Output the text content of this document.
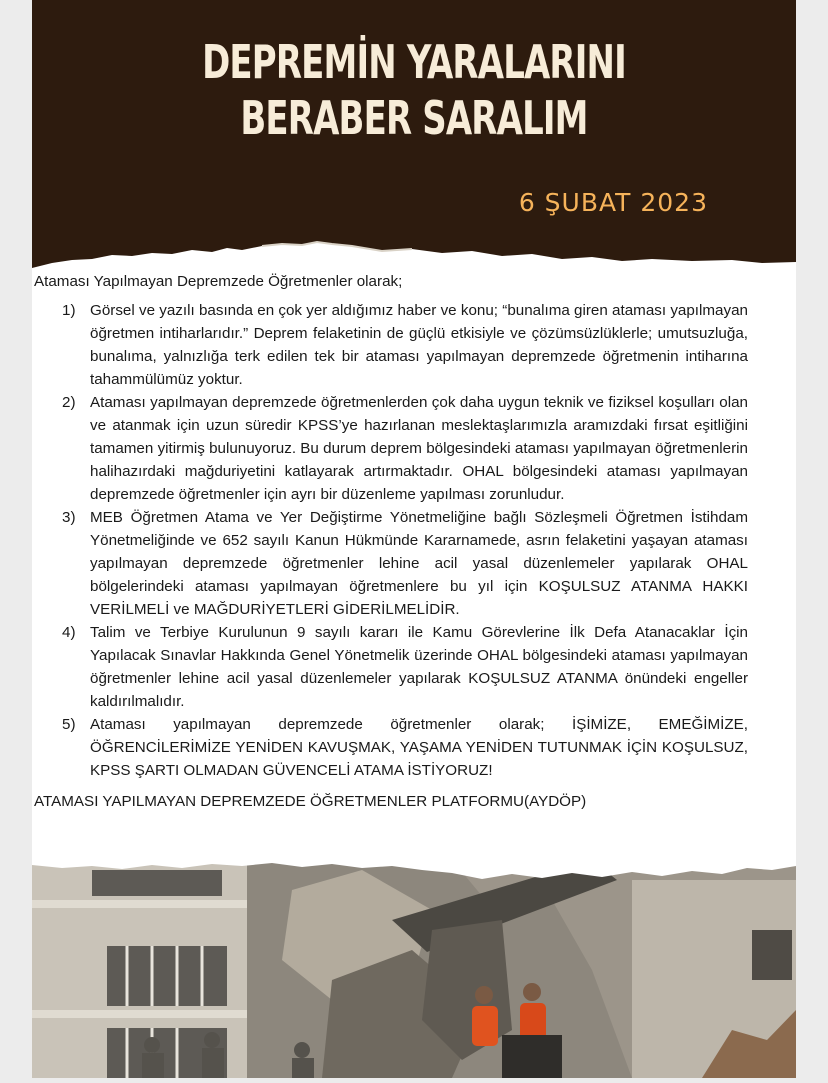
DEPREMİN YARALARINI
BERABER SARALIM
6 ŞUBAT 2023
Ataması Yapılmayan Depremzede Öğretmenler olarak;
1) Görsel ve yazılı basında en çok yer aldığımız haber ve konu; “bunalıma giren ataması yapılmayan öğretmen intiharlarıdır.” Deprem felaketinin de güçlü etkisiyle ve çözümsüzlüklerle; umutsuzluğa, bunalıma, yalnızlığa terk edilen tek bir ataması yapılmayan depremzede öğretmenin intiharına tahammülümüz yoktur.
2) Ataması yapılmayan depremzede öğretmenlerden çok daha uygun teknik ve fiziksel koşulları olan ve atanmak için uzun süredir KPSS’ye hazırlanan meslektaşlarımızla aramızdaki fırsat eşitliğini tamamen yitirmiş bulunuyoruz. Bu durum deprem bölgesindeki ataması yapılmayan öğretmenlerin halihazırdaki mağduriyetini katlayarak artırmaktadır. OHAL bölgesindeki ataması yapılmayan depremzede öğretmenler için ayrı bir düzenleme yapılması zorunludur.
3) MEB Öğretmen Atama ve Yer Değiştirme Yönetmeliğine bağlı Sözleşmeli Öğretmen İstihdam Yönetmeliğinde ve 652 sayılı Kanun Hükmünde Kararnamede, asrın felaketini yaşayan ataması yapılmayan depremzede öğretmenler lehine acil yasal düzenlemeler yapılarak OHAL bölgelerindeki ataması yapılmayan öğretmenlere bu yıl için KOŞULSUZ ATANMA HAKKI VERİLMELİ ve MAĞDURİYETLERİ GİDERİLMELİDİR.
4) Talim ve Terbiye Kurulunun 9 sayılı kararı ile Kamu Görevlerine İlk Defa Atanacaklar İçin Yapılacak Sınavlar Hakkında Genel Yönetmelik üzerinde OHAL bölgesindeki ataması yapılmayan öğretmenler lehine acil yasal düzenlemeler yapılarak KOŞULSUZ ATANMA önündeki engeller kaldırılmalıdır.
5) Ataması yapılmayan depremzede öğretmenler olarak; İŞİMİZE, EMEĞİMİZE, ÖĞRENCİLERİMİZE YENİDEN KAVUŞMAK, YAŞAMA YENİDEN TUTUNMAK İÇİN KOŞULSUZ, KPSS ŞARTI OLMADAN GÜVENCELİ ATAMA İSTİYORUZ!
ATAMASI YAPILMAYAN DEPREMZEDE ÖĞRETMENLER PLATFORMU(AYDÖP)
